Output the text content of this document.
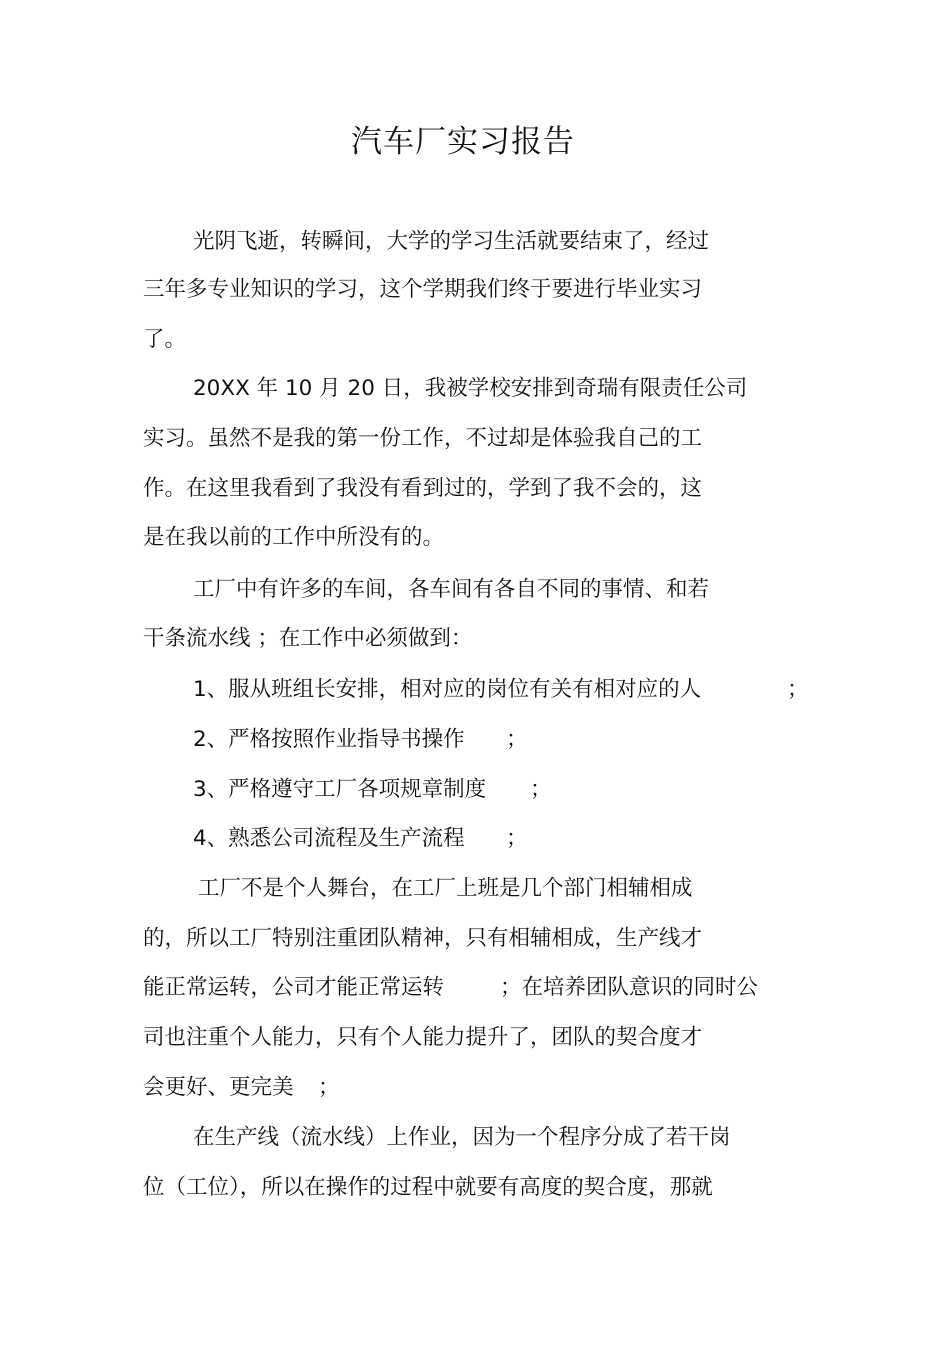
汽车厂实习报告
光阴飞逝，转瞬间，大学的学习生活就要结束了，经过
三年多专业知识的学习，这个学期我们终于要进行毕业实习
了。
20XX 年 10 月 20 日，我被学校安排到奇瑞有限责任公司
实习。虽然不是我的第一份工作，不过却是体验我自己的工
作。在这里我看到了我没有看到过的，学到了我不会的，这
是在我以前的工作中所没有的。
工厂中有许多的车间，各车间有各自不同的事情、和若
干条流水线 ；在工作中必须做到：
1、服从班组长安排，相对应的岗位有关有相对应的人	；
2、严格按照作业指导书操作 ；
3、严格遵守工厂各项规章制度 ；
4、熟悉公司流程及生产流程 ；
工厂不是个人舞台，在工厂上班是几个部门相辅相成
的，所以工厂特别注重团队精神，只有相辅相成，生产线才
能正常运转，公司才能正常运转	；在培养团队意识的同时公
司也注重个人能力，只有个人能力提升了，团队的契合度才
会更好、更完美 ；
在生产线（流水线）上作业，因为一个程序分成了若干岗
位（工位），所以在操作的过程中就要有高度的契合度，那就
